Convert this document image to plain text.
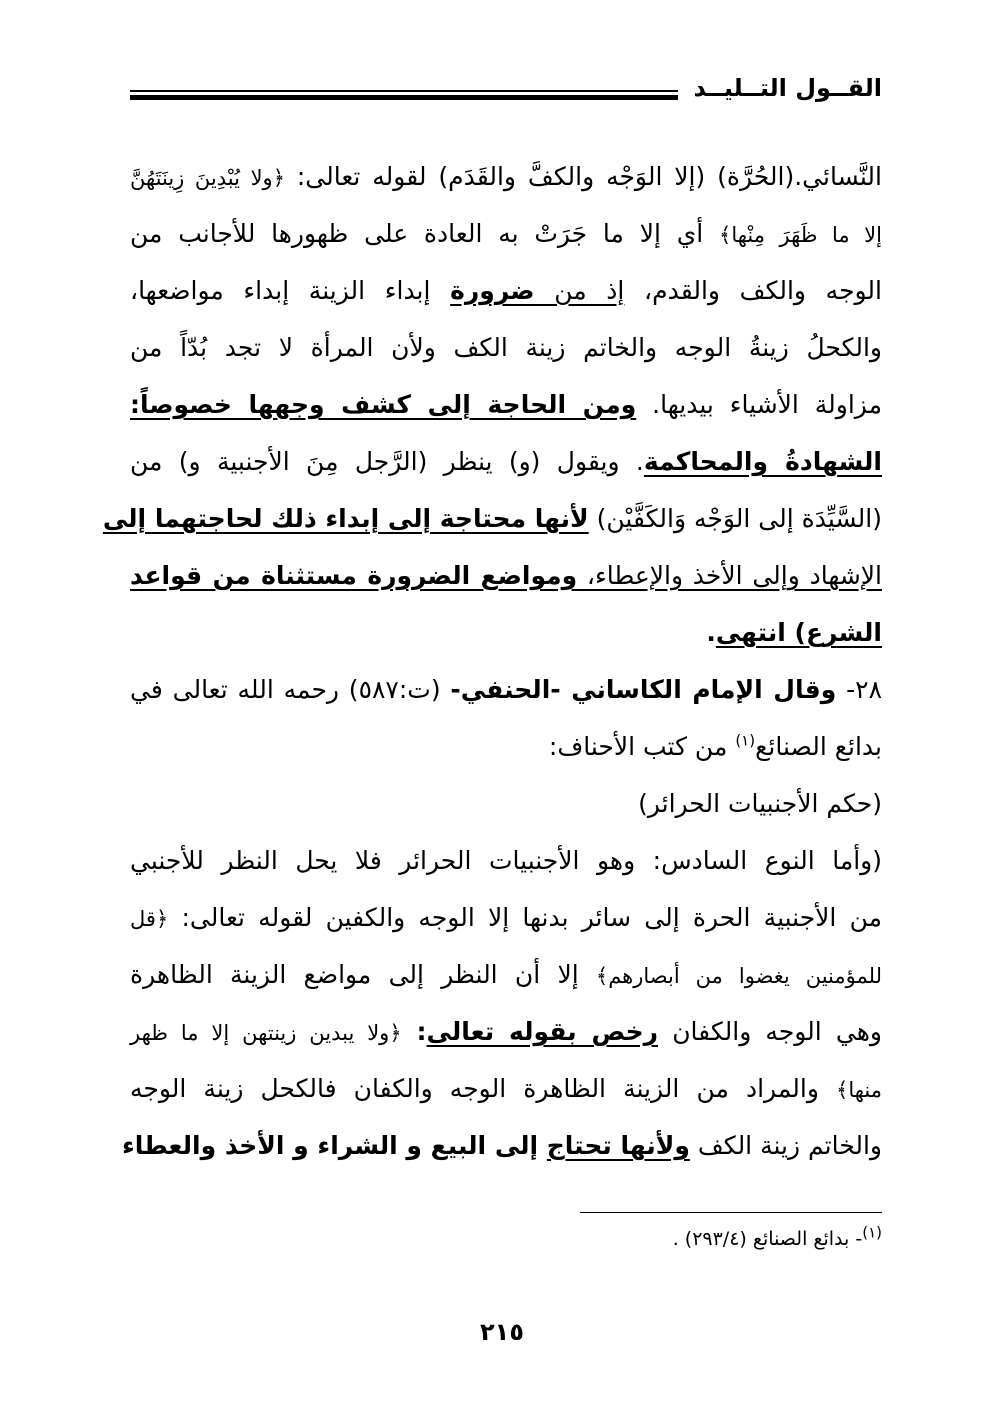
القــول التــليــد
النَّسائي.(الحُرَّة) (إلا الوَجْه والكفَّ والقَدَم) لقوله تعالى: ﴿ولا يُبْدِينَ زِينَتَهُنَّ
إلا ما ظَهَرَ مِنْها﴾ أي إلا ما جَرَتْ به العادة على ظهورها للأجانب من
الوجه والكف والقدم، إذ من ضرورة إبداء الزينة إبداء مواضعها،
والكحلُ زينةُ الوجه والخاتم زينة الكف ولأن المرأة لا تجد بُدّاً من
مزاولة الأشياء بيديها. ومن الحاجة إلى كشف وجهها خصوصاً:
الشهادةُ والمحاكمة. ويقول (و) ينظر (الرَّجل مِنَ الأجنبية و) من
(السَّيِّدَة إلى الوَجْه وَالكَفَّيْن) لأنها محتاجة إلى إبداء ذلك لحاجتهما إلى
الإشهاد وإلى الأخذ والإعطاء، ومواضع الضرورة مستثناة من قواعد
الشرع) انتهى.
٢٨- وقال الإمام الكاساني -الحنفي- (ت:٥٨٧) رحمه الله تعالى في
بدائع الصنائع$^{(١)}$ من كتب الأحناف:
(حكم الأجنبيات الحرائر)
(وأما النوع السادس: وهو الأجنبيات الحرائر فلا يحل النظر للأجنبي
من الأجنبية الحرة إلى سائر بدنها إلا الوجه والكفين لقوله تعالى: ﴿قل
للمؤمنين يغضوا من أبصارهم﴾ إلا أن النظر إلى مواضع الزينة الظاهرة
وهي الوجه والكفان رخص بقوله تعالى: ﴿ولا يبدين زينتهن إلا ما ظهر
منها﴾ والمراد من الزينة الظاهرة الوجه والكفان فالكحل زينة الوجه
والخاتم زينة الكف ولأنها تحتاج إلى البيع و الشراء و الأخذ والعطاء
$^{(١)}$- بدائع الصنائع (٢٩٣/٤) .
٢١٥
